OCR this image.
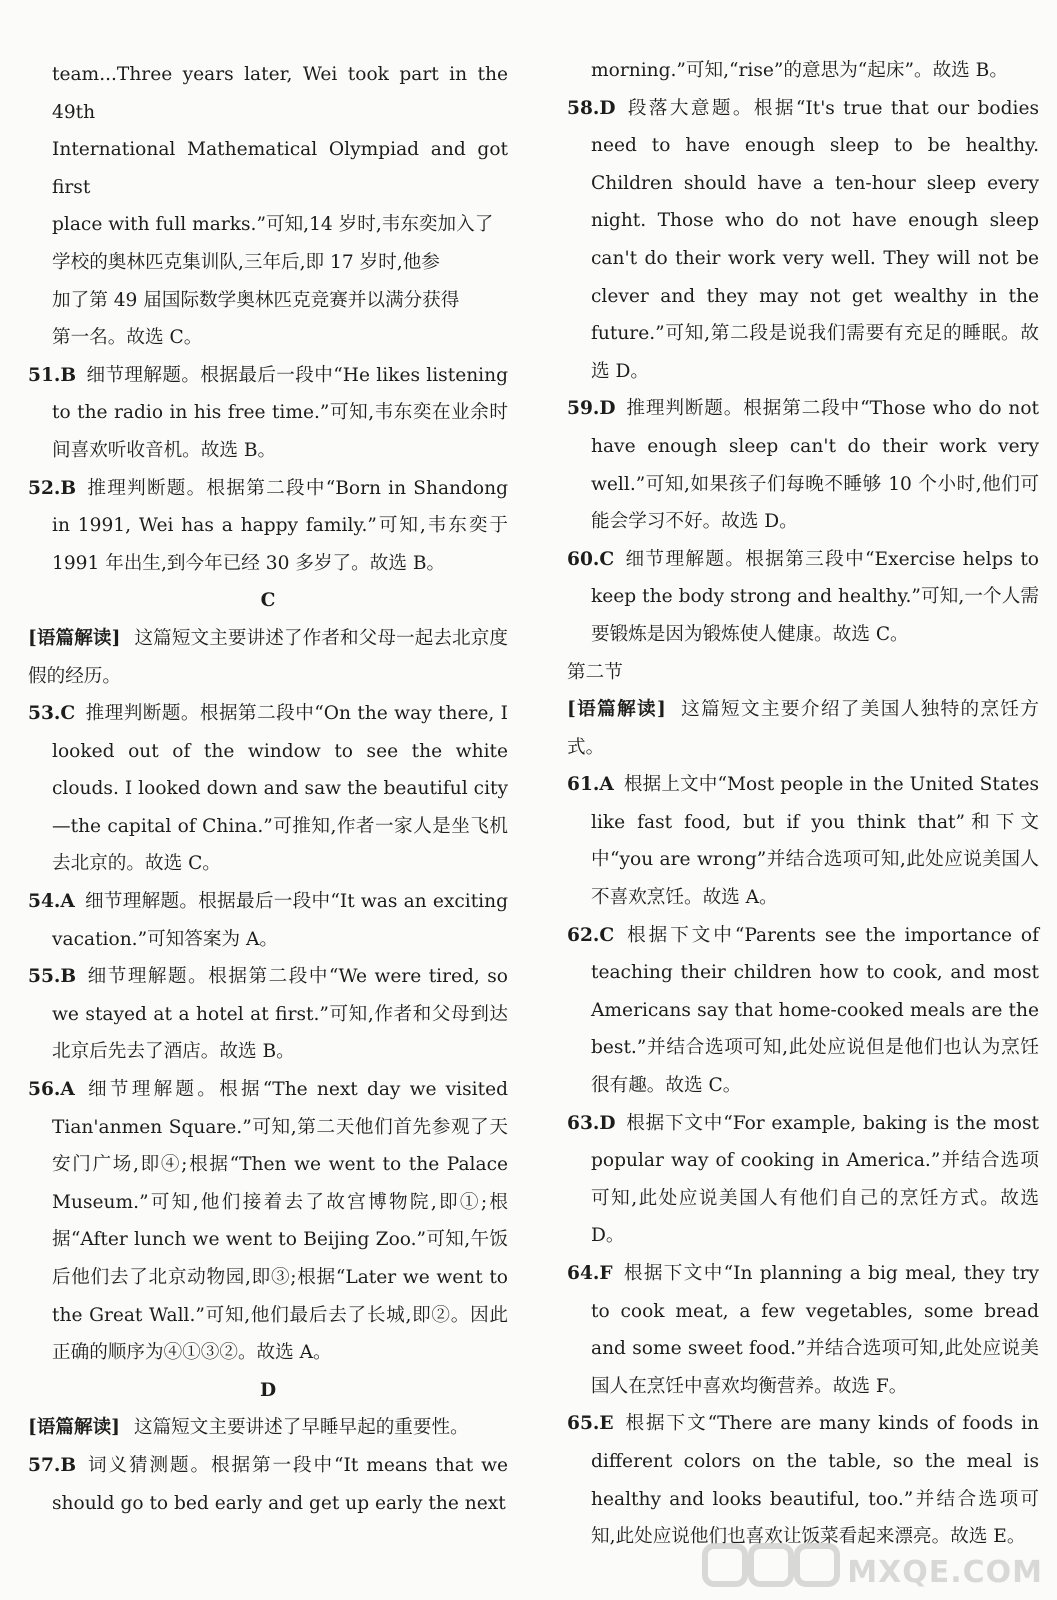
team...Three years later, Wei took part in the 49th

International Mathematical Olympiad and got first

place with full marks.”可知,14 岁时,韦东奕加入了

学校的奥林匹克集训队,三年后,即 17 岁时,他参

加了第 49 届国际数学奥林匹克竞赛并以满分获得

第一名。故选 C。

51.B 细节理解题。根据最后一段中“He likes listening to the radio in his free time.”可知,韦东奕在业余时间喜欢听收音机。故选 B。

52.B 推理判断题。根据第二段中“Born in Shandong in 1991, Wei has a happy family.”可知,韦东奕于 1991 年出生,到今年已经 30 多岁了。故选 B。

C

[语篇解读] 这篇短文主要讲述了作者和父母一起去北京度假的经历。

53.C 推理判断题。根据第二段中“On the way there, I looked out of the window to see the white clouds. I looked down and saw the beautiful city—the capital of China.”可推知,作者一家人是坐飞机去北京的。故选 C。

54.A 细节理解题。根据最后一段中“It was an exciting vacation.”可知答案为 A。

55.B 细节理解题。根据第二段中“We were tired, so we stayed at a hotel at first.”可知,作者和父母到达北京后先去了酒店。故选 B。

56.A 细节理解题。根据“The next day we visited Tian'anmen Square.”可知,第二天他们首先参观了天安门广场,即④;根据“Then we went to the Palace Museum.”可知,他们接着去了故宫博物院,即①;根据“After lunch we went to Beijing Zoo.”可知,午饭后他们去了北京动物园,即③;根据“Later we went to the Great Wall.”可知,他们最后去了长城,即②。因此正确的顺序为④①③②。故选 A。

D

[语篇解读] 这篇短文主要讲述了早睡早起的重要性。

57.B 词义猜测题。根据第一段中“It means that we should go to bed early and get up early the next

morning.”可知,“rise”的意思为“起床”。故选 B。

58.D 段落大意题。根据“It's true that our bodies need to have enough sleep to be healthy. Children should have a ten-hour sleep every night. Those who do not have enough sleep can't do their work very well. They will not be clever and they may not get wealthy in the future.”可知,第二段是说我们需要有充足的睡眠。故选 D。

59.D 推理判断题。根据第二段中“Those who do not have enough sleep can't do their work very well.”可知,如果孩子们每晚不睡够 10 个小时,他们可能会学习不好。故选 D。

60.C 细节理解题。根据第三段中“Exercise helps to keep the body strong and healthy.”可知,一个人需要锻炼是因为锻炼使人健康。故选 C。

第二节

[语篇解读] 这篇短文主要介绍了美国人独特的烹饪方式。

61.A 根据上文中“Most people in the United States like fast food, but if you think that”和下文中“you are wrong”并结合选项可知,此处应说美国人不喜欢烹饪。故选 A。

62.C 根据下文中“Parents see the importance of teaching their children how to cook, and most Americans say that home-cooked meals are the best.”并结合选项可知,此处应说但是他们也认为烹饪很有趣。故选 C。

63.D 根据下文中“For example, baking is the most popular way of cooking in America.”并结合选项可知,此处应说美国人有他们自己的烹饪方式。故选 D。

64.F 根据下文中“In planning a big meal, they try to cook meat, a few vegetables, some bread and some sweet food.”并结合选项可知,此处应说美国人在烹饪中喜欢均衡营养。故选 F。

65.E 根据下文“There are many kinds of foods in different colors on the table, so the meal is healthy and looks beautiful, too.”并结合选项可知,此处应说他们也喜欢让饭菜看起来漂亮。故选 E。

MXQE.COM
